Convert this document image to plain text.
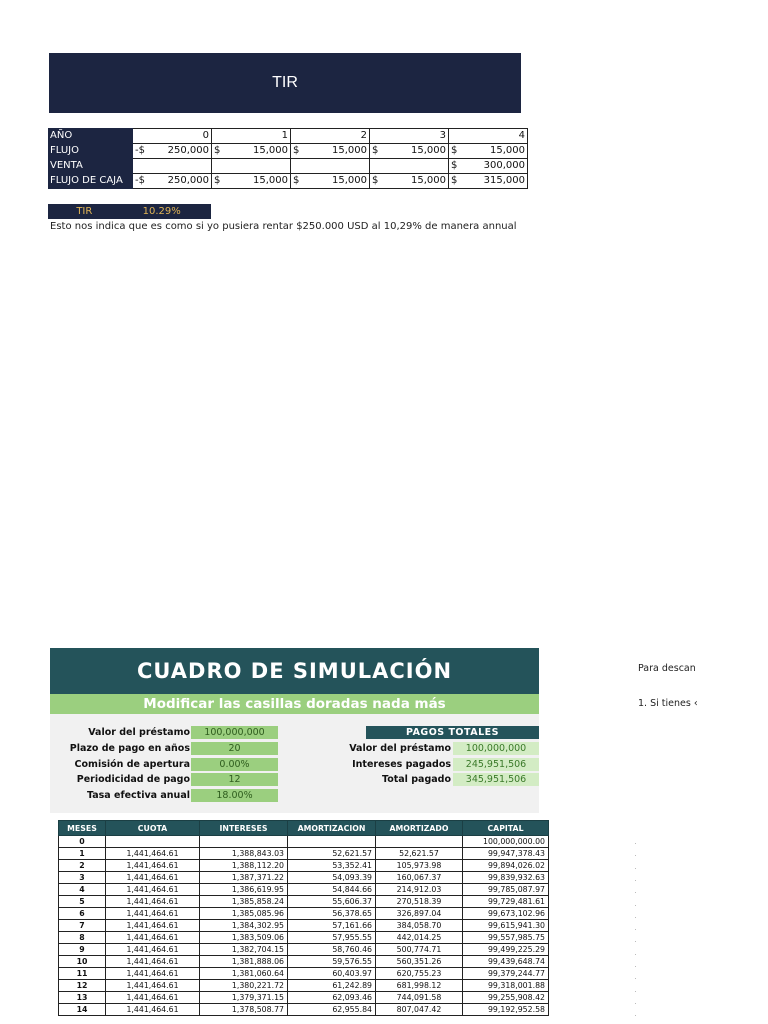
TIR
AÑO	0	1	2	3	4
FLUJO	-$ 250,000	$ 15,000	$ 15,000	$ 15,000	$ 15,000

VENTA					$ 300,000

FLUJO DE CAJA	-$ 250,000	$ 15,000	$ 15,000	$ 15,000	$ 315,000
TIR	10.29%
Esto nos indica que es como si yo pusiera rentar $250.000 USD al 10,29% de manera annual
CUADRO DE SIMULACIÓN
Modificar las casillas doradas nada más
Valor del préstamo	100,000,000
Plazo de pago en años	20
Comisión de apertura	0.00%
Periodicidad de pago	12
Tasa efectiva anual	18.00%
PAGOS TOTALES
Valor del préstamo	100,000,000
Intereses pagados	245,951,506
Total pagado	345,951,506
MESES	CUOTA	INTERESES	AMORTIZACION	AMORTIZADO	CAPITAL
0					100,000,000.00
1	1,441,464.61	1,388,843.03	52,621.57	52,621.57	99,947,378.43
2	1,441,464.61	1,388,112.20	53,352.41	105,973.98	99,894,026.02
3	1,441,464.61	1,387,371.22	54,093.39	160,067.37	99,839,932.63
4	1,441,464.61	1,386,619.95	54,844.66	214,912.03	99,785,087.97
5	1,441,464.61	1,385,858.24	55,606.37	270,518.39	99,729,481.61
6	1,441,464.61	1,385,085.96	56,378.65	326,897.04	99,673,102.96
7	1,441,464.61	1,384,302.95	57,161.66	384,058.70	99,615,941.30
8	1,441,464.61	1,383,509.06	57,955.55	442,014.25	99,557,985.75
9	1,441,464.61	1,382,704.15	58,760.46	500,774.71	99,499,225.29
10	1,441,464.61	1,381,888.06	59,576.55	560,351.26	99,439,648.74
11	1,441,464.61	1,381,060.64	60,403.97	620,755.23	99,379,244.77
12	1,441,464.61	1,380,221.72	61,242.89	681,998.12	99,318,001.88
13	1,441,464.61	1,379,371.15	62,093.46	744,091.58	99,255,908.42
14	1,441,464.61	1,378,508.77	62,955.84	807,047.42	99,192,952.58
Para descan
1. Si tienes ‹
